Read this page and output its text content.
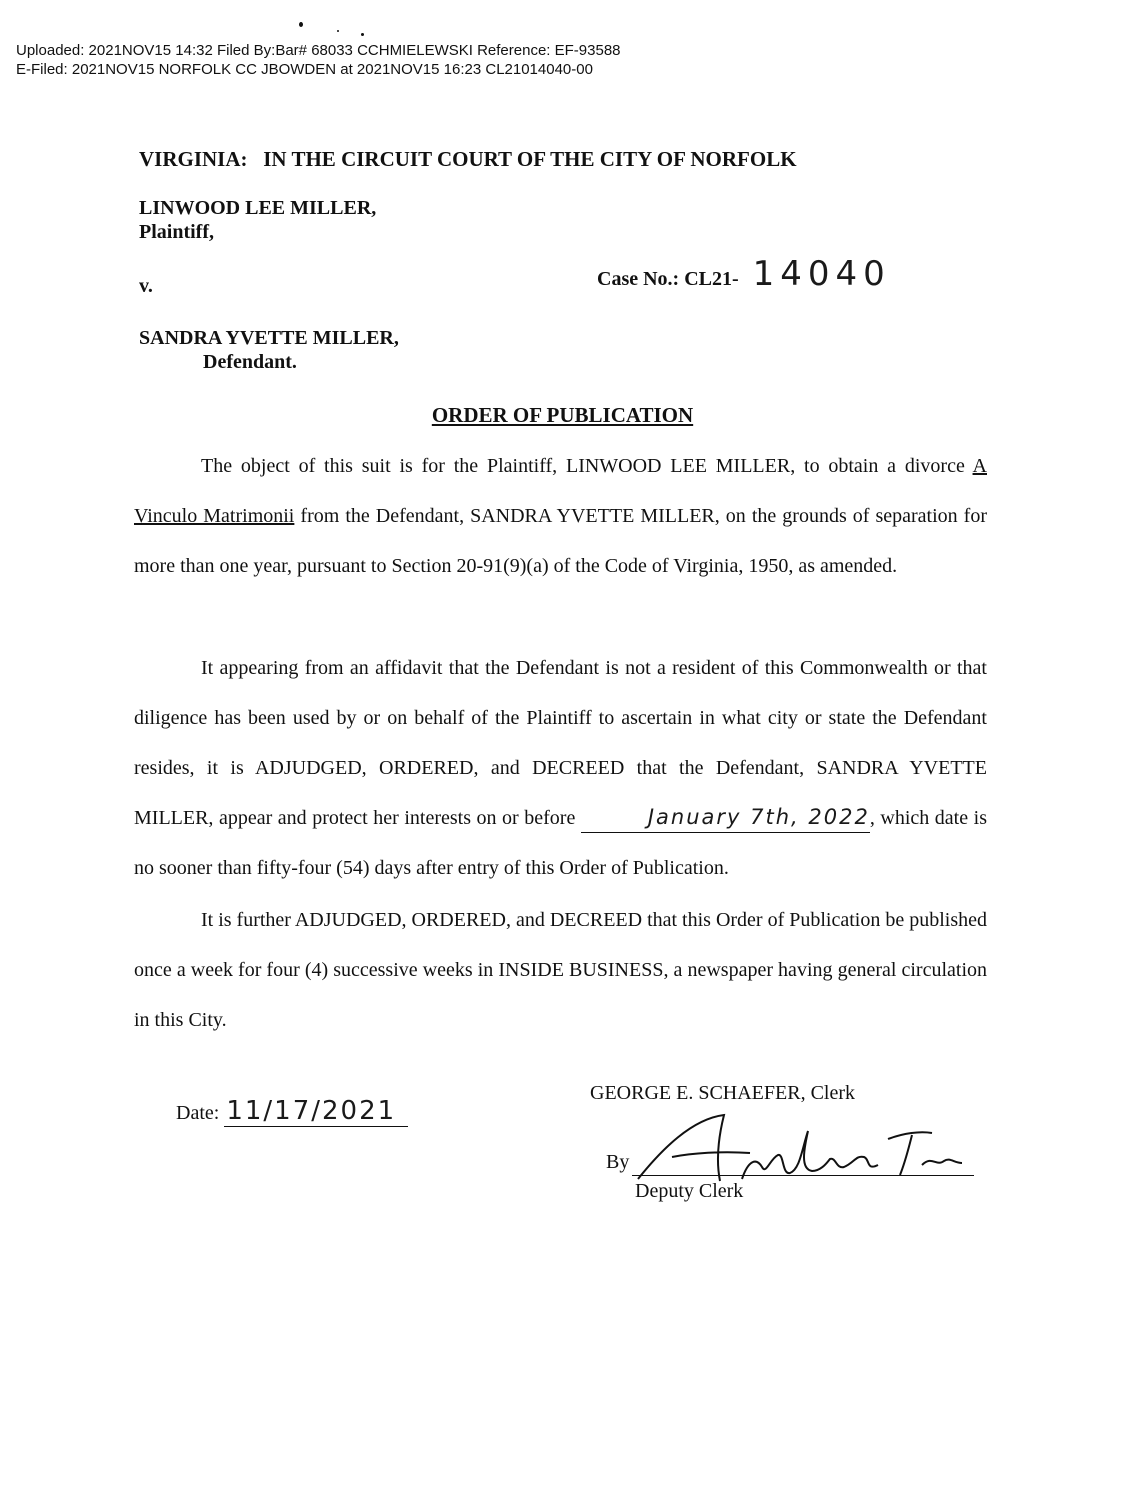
Uploaded: 2021NOV15 14:32 Filed By:Bar# 68033 CCHMIELEWSKI Reference: EF-93588
E-Filed: 2021NOV15 NORFOLK CC JBOWDEN at 2021NOV15 16:23 CL21014040-00
VIRGINIA:   IN THE CIRCUIT COURT OF THE CITY OF NORFOLK
LINWOOD LEE MILLER,
Plaintiff,
v.	Case No.: CL21- 14040
SANDRA YVETTE MILLER,
Defendant.
ORDER OF PUBLICATION

The object of this suit is for the Plaintiff, LINWOOD LEE MILLER, to obtain a divorce A Vinculo Matrimonii from the Defendant, SANDRA YVETTE MILLER, on the grounds of separation for more than one year, pursuant to Section 20-91(9)(a) of the Code of Virginia, 1950, as amended.

It appearing from an affidavit that the Defendant is not a resident of this Commonwealth or that diligence has been used by or on behalf of the Plaintiff to ascertain in what city or state the Defendant resides, it is ADJUDGED, ORDERED, and DECREED that the Defendant, SANDRA YVETTE MILLER, appear and protect her interests on or before	January 7th, 2022, which date is no sooner than fifty-four (54) days after entry of this Order of Publication.

It is further ADJUDGED, ORDERED, and DECREED that this Order of Publication be published once a week for four (4) successive weeks in INSIDE BUSINESS, a newspaper having general circulation in this City.

Date: 11/17/2021
GEORGE E. SCHAEFER, Clerk
By
Deputy Clerk
